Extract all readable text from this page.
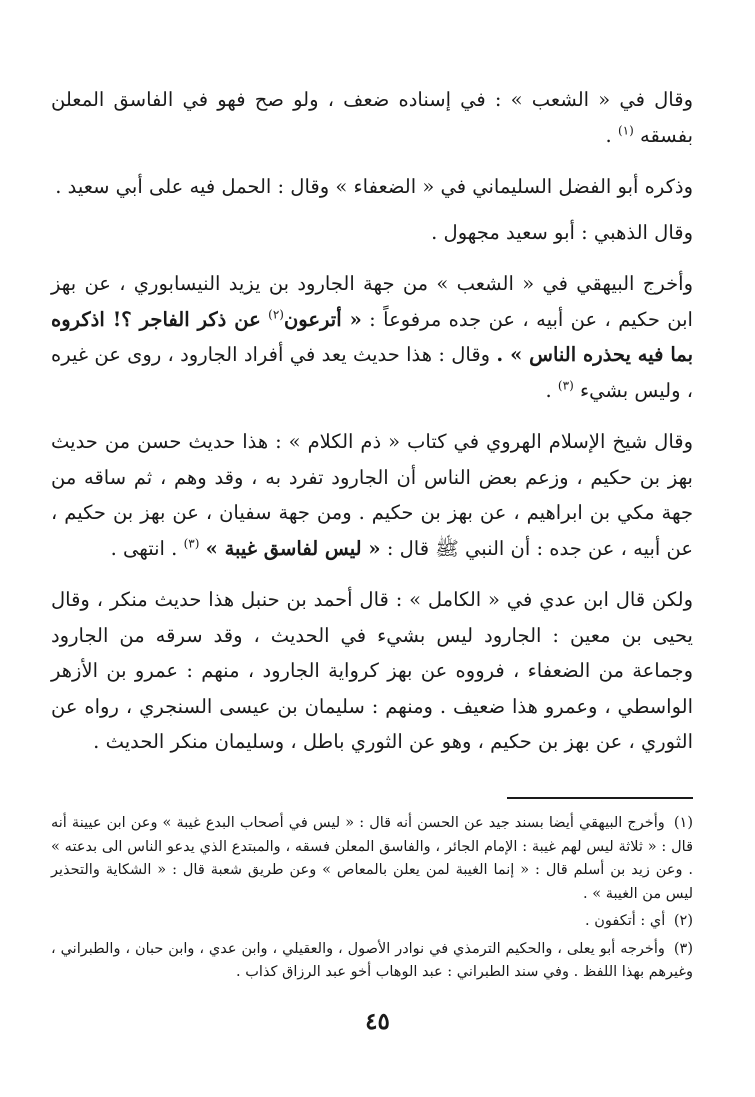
وقال في « الشعب » : في إسناده ضعف ، ولو صح فهو في الفاسق المعلن بفسقه $^{(١)}$ .

وذكره أبو الفضل السليماني في « الضعفاء » وقال : الحمل فيه على أبي سعيد .

وقال الذهبي : أبو سعيد مجهول .

وأخرج البيهقي في « الشعب » من جهة الجارود بن يزيد النيسابوري ، عن بهز ابن حكيم ، عن أبيه ، عن جده مرفوعاً : « أترعون$^{(٢)}$ عن ذكر الفاجر ؟! اذكروه بما فيه يحذره الناس » . وقال : هذا حديث يعد في أفراد الجارود ، روى عن غيره ، وليس بشيء $^{(٣)}$ .

وقال شيخ الإسلام الهروي في كتاب « ذم الكلام » : هذا حديث حسن من حديث بهز بن حكيم ، وزعم بعض الناس أن الجارود تفرد به ، وقد وهم ، ثم ساقه من جهة مكي بن ابراهيم ، عن بهز بن حكيم . ومن جهة سفيان ، عن بهز بن حكيم ، عن أبيه ، عن جده : أن النبي ﷺ قال : « ليس لفاسق غيبة » $^{(٣)}$ . انتهى .

ولكن قال ابن عدي في « الكامل » : قال أحمد بن حنبل هذا حديث منكر ، وقال يحيى بن معين : الجارود ليس بشيء في الحديث ، وقد سرقه من الجارود وجماعة من الضعفاء ، فرووه عن بهز كرواية الجارود ، منهم : عمرو بن الأزهر الواسطي ، وعمرو هذا ضعيف . ومنهم : سليمان بن عيسى السنجري ، رواه عن الثوري ، عن بهز بن حكيم ، وهو عن الثوري باطل ، وسليمان منكر الحديث .

(١) وأخرج البيهقي أيضا بسند جيد عن الحسن أنه قال : « ليس في أصحاب البدع غيبة » وعن ابن عيينة أنه قال : « ثلاثة ليس لهم غيبة : الإمام الجائر ، والفاسق المعلن فسقه ، والمبتدع الذي يدعو الناس الى بدعته » . وعن زيد بن أسلم قال : « إنما الغيبة لمن يعلن بالمعاص » وعن طريق شعبة قال : « الشكاية والتحذير ليس من الغيبة » .

(٢) أي : أتكفون .

(٣) وأخرجه أبو يعلى ، والحكيم الترمذي في نوادر الأصول ، والعقيلي ، وابن عدي ، وابن حبان ، والطبراني ، وغيرهم بهذا اللفظ . وفي سند الطبراني : عبد الوهاب أخو عبد الرزاق كذاب .

٤٥
